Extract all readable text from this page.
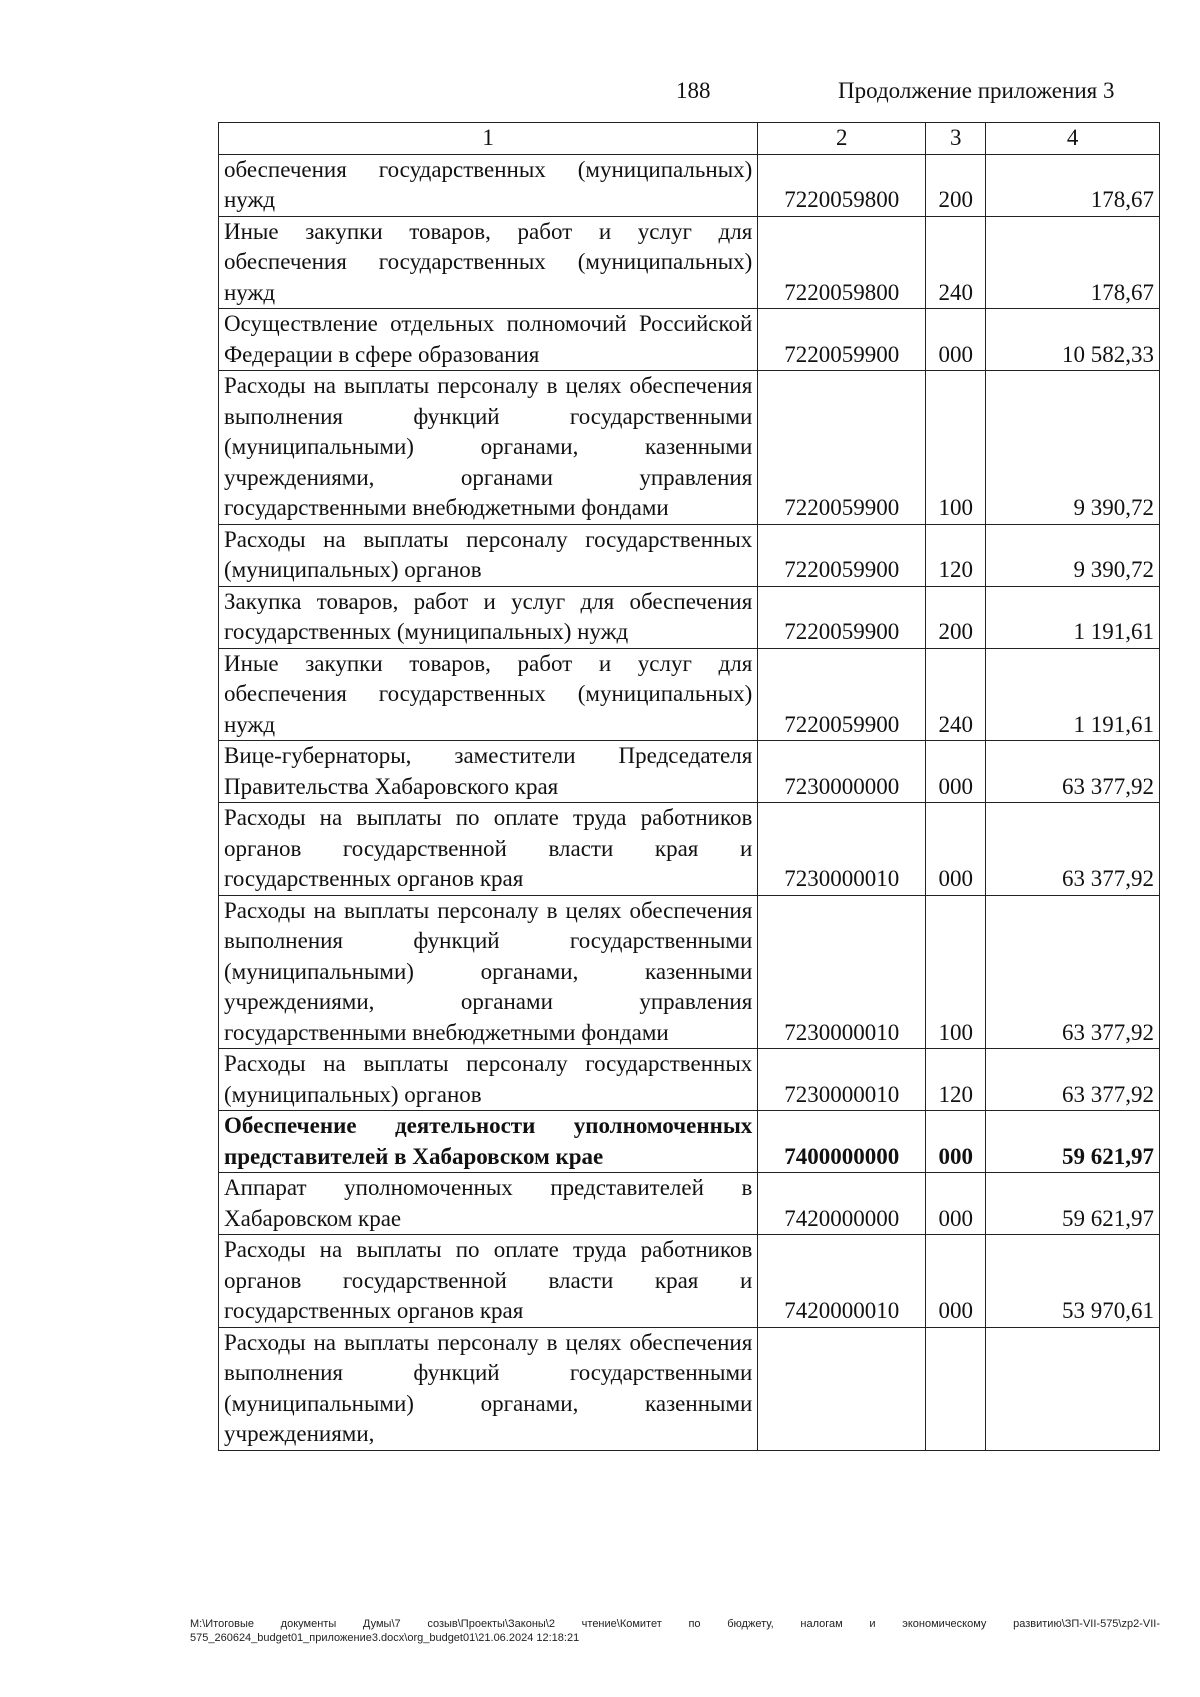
188	Продолжение приложения 3
1	2	3	4
обеспечения государственных (муниципальных) нужд	7220059800	200	178,67
Иные закупки товаров, работ и услуг для обеспечения государственных (муниципальных) нужд	7220059800	240	178,67
Осуществление отдельных полномочий Российской Федерации в сфере образования	7220059900	000	10 582,33
Расходы на выплаты персоналу в целях обеспечения выполнения функций государственными (муниципальными) органами, казенными учреждениями, органами управления государственными внебюджетными фондами	7220059900	100	9 390,72
Расходы на выплаты персоналу государственных (муниципальных) органов	7220059900	120	9 390,72
Закупка товаров, работ и услуг для обеспечения государственных (муниципальных) нужд	7220059900	200	1 191,61
Иные закупки товаров, работ и услуг для обеспечения государственных (муниципальных) нужд	7220059900	240	1 191,61
Вице-губернаторы, заместители Председателя Правительства Хабаровского края	7230000000	000	63 377,92
Расходы на выплаты по оплате труда работников органов государственной власти края и государственных органов края	7230000010	000	63 377,92
Расходы на выплаты персоналу в целях обеспечения выполнения функций государственными (муниципальными) органами, казенными учреждениями, органами управления государственными внебюджетными фондами	7230000010	100	63 377,92
Расходы на выплаты персоналу государственных (муниципальных) органов	7230000010	120	63 377,92
Обеспечение деятельности уполномоченных представителей в Хабаровском крае	7400000000	000	59 621,97
Аппарат уполномоченных представителей в Хабаровском крае	7420000000	000	59 621,97
Расходы на выплаты по оплате труда работников органов государственной власти края и государственных органов края	7420000010	000	53 970,61
Расходы на выплаты персоналу в целях обеспечения выполнения функций государственными (муниципальными) органами, казенными учреждениями,			
M:\Итоговые документы Думы\7 созыв\Проекты\Законы\2 чтение\Комитет по бюджету, налогам и экономическому развитию\ЗП-VII-575\zp2-VII-575_260624_budget01_приложение3.docx\org_budget01\21.06.2024 12:18:21
